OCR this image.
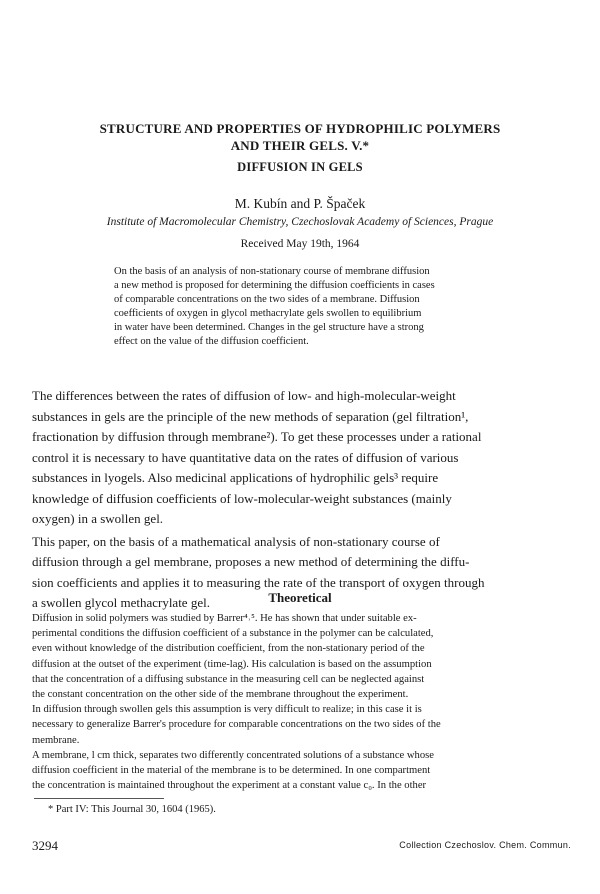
STRUCTURE AND PROPERTIES OF HYDROPHILIC POLYMERS
AND THEIR GELS. V.*
DIFFUSION IN GELS
M. Kubín and P. Špaček
Institute of Macromolecular Chemistry, Czechoslovak Academy of Sciences, Prague
Received May 19th, 1964
On the basis of an analysis of non-stationary course of membrane diffusion
a new method is proposed for determining the diffusion coefficients in cases
of comparable concentrations on the two sides of a membrane. Diffusion
coefficients of oxygen in glycol methacrylate gels swollen to equilibrium
in water have been determined. Changes in the gel structure have a strong
effect on the value of the diffusion coefficient.
The differences between the rates of diffusion of low- and high-molecular-weight
substances in gels are the principle of the new methods of separation (gel filtration¹,
fractionation by diffusion through membrane²). To get these processes under a rational
control it is necessary to have quantitative data on the rates of diffusion of various
substances in lyogels. Also medicinal applications of hydrophilic gels³ require
knowledge of diffusion coefficients of low-molecular-weight substances (mainly
oxygen) in a swollen gel.
This paper, on the basis of a mathematical analysis of non-stationary course of
diffusion through a gel membrane, proposes a new method of determining the diffu-
sion coefficients and applies it to measuring the rate of the transport of oxygen through
a swollen glycol methacrylate gel.	Theoretical
Diffusion in solid polymers was studied by Barrer⁴˒⁵. He has shown that under suitable ex-
perimental conditions the diffusion coefficient of a substance in the polymer can be calculated,
even without knowledge of the distribution coefficient, from the non-stationary period of the
diffusion at the outset of the experiment (time-lag). His calculation is based on the assumption
that the concentration of a diffusing substance in the measuring cell can be neglected against
the constant concentration on the other side of the membrane throughout the experiment.
In diffusion through swollen gels this assumption is very difficult to realize; in this case it is
necessary to generalize Barrer's procedure for comparable concentrations on the two sides of the
membrane.
A membrane, l cm thick, separates two differently concentrated solutions of a substance whose
diffusion coefficient in the material of the membrane is to be determined. In one compartment
the concentration is maintained throughout the experiment at a constant value c₀. In the other
* Part IV: This Journal 30, 1604 (1965).
3294	Collection Czechoslov. Chem. Commun.
